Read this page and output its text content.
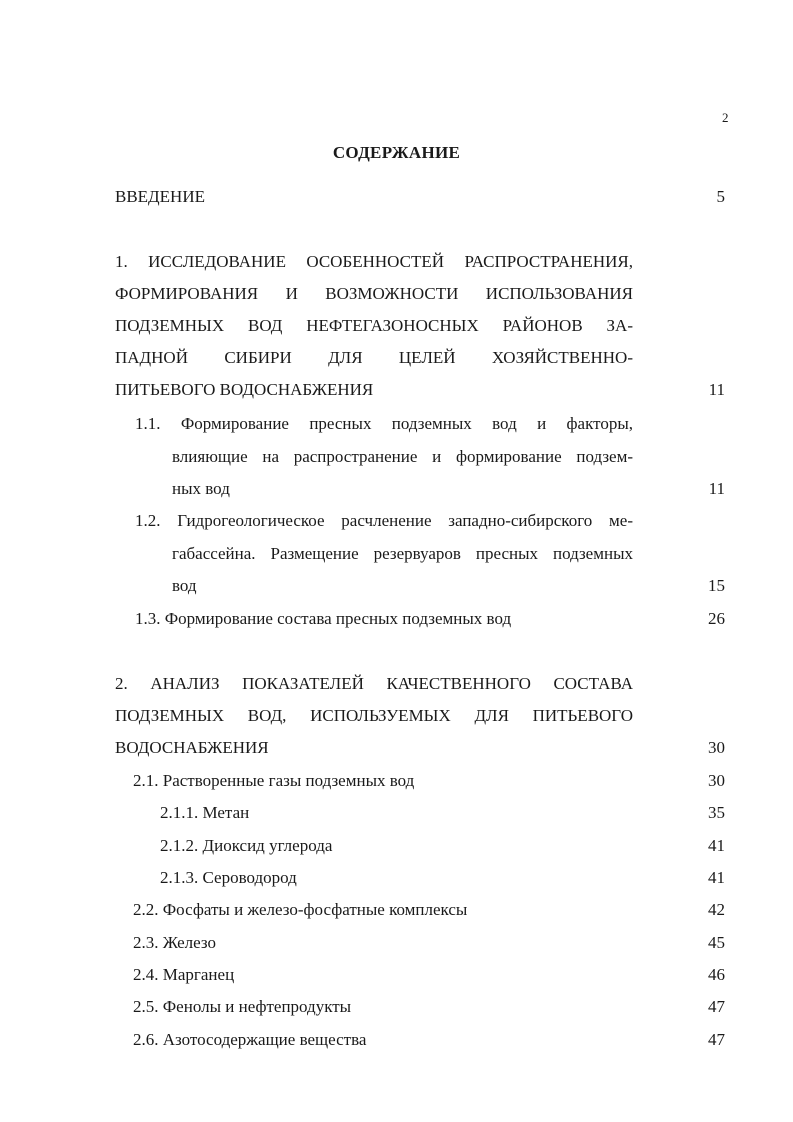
2
СОДЕРЖАНИЕ
ВВЕДЕНИЕ	5
1. ИССЛЕДОВАНИЕ ОСОБЕННОСТЕЙ РАСПРОСТРАНЕНИЯ,
ФОРМИРОВАНИЯ И ВОЗМОЖНОСТИ ИСПОЛЬЗОВАНИЯ
ПОДЗЕМНЫХ ВОД НЕФТЕГАЗОНОСНЫХ РАЙОНОВ ЗА-
ПАДНОЙ СИБИРИ ДЛЯ ЦЕЛЕЙ ХОЗЯЙСТВЕННО-
ПИТЬЕВОГО ВОДОСНАБЖЕНИЯ	11
1.1. Формирование пресных подземных вод и факторы,
влияющие на распространение и формирование подзем-
ных вод	11
1.2. Гидрогеологическое расчленение западно-сибирского ме-
габассейна. Размещение резервуаров пресных подземных
вод	15
1.3. Формирование состава пресных подземных вод	26
2. АНАЛИЗ ПОКАЗАТЕЛЕЙ КАЧЕСТВЕННОГО СОСТАВА
ПОДЗЕМНЫХ ВОД, ИСПОЛЬЗУЕМЫХ ДЛЯ ПИТЬЕВОГО
ВОДОСНАБЖЕНИЯ	30
2.1. Растворенные газы подземных вод	30
2.1.1. Метан	35
2.1.2. Диоксид углерода	41
2.1.3. Сероводород	41
2.2. Фосфаты и железо-фосфатные комплексы	42
2.3. Железо	45
2.4. Марганец	46
2.5. Фенолы и нефтепродукты	47
2.6. Азотосодержащие вещества	47
